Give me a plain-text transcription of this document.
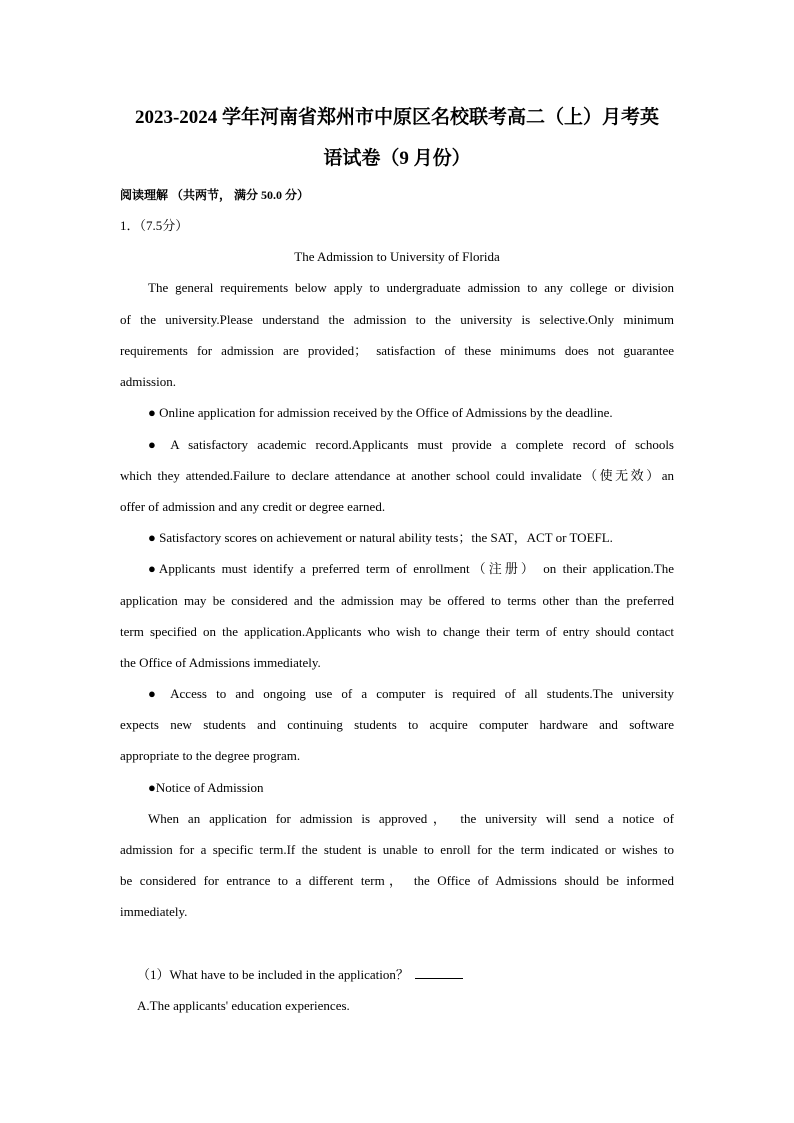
2023-2024 学年河南省郑州市中原区名校联考高二（上）月考英
语试卷（9 月份）
阅读理解 （共两节， 满分 50.0 分）
1．（7.5分）
The Admission to University of Florida
The general requirements below apply to undergraduate admission to any college or division
of the university.Please understand the admission to the university is selective.Only minimum
requirements for admission are provided； satisfaction of these minimums does not guarantee
admission.
● Online application for admission received by the Office of Admissions by the deadline.
● A satisfactory academic record.Applicants must provide a complete record of schools
which they attended.Failure to declare attendance at another school could invalidate（使无效）an
offer of admission and any credit or degree earned.
● Satisfactory scores on achievement or natural ability tests；the SAT，ACT or TOEFL.
●Applicants must identify a preferred term of enrollment（注册） on their application.The
application may be considered and the admission may be offered to terms other than the preferred
term specified on the application.Applicants who wish to change their term of entry should contact
the Office of Admissions immediately.
● Access to and ongoing use of a computer is required of all students.The university
expects new students and continuing students to acquire computer hardware and software
appropriate to the degree program.
●Notice of Admission
When an application for admission is approved， the university will send a notice of
admission for a specific term.If the student is unable to enroll for the term indicated or wishes to
be considered for entrance to a different term， the Office of Admissions should be informed
immediately.
（1）What have to be included in the application？
A.The applicants' education experiences.
